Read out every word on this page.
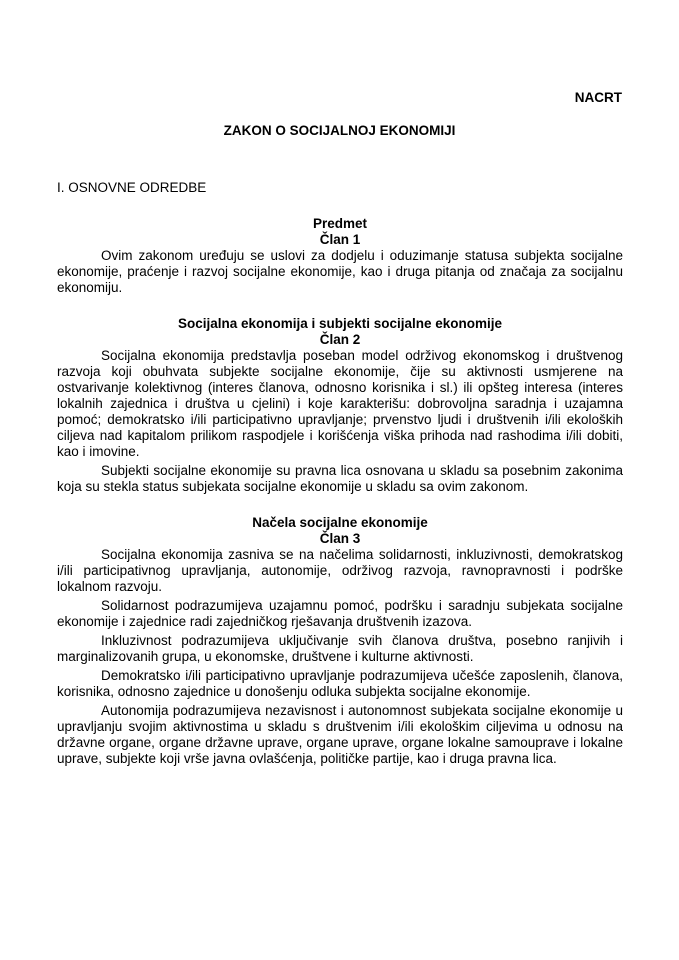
NACRT
ZAKON O SOCIJALNOJ EKONOMIJI
I. OSNOVNE ODREDBE
Predmet
Član 1

Ovim zakonom uređuju se uslovi za dodjelu i oduzimanje statusa subjekta socijalne ekonomije, praćenje i razvoj socijalne ekonomije, kao i druga pitanja od značaja za socijalnu ekonomiju.

Socijalna ekonomija i subjekti socijalne ekonomije
Član 2

Socijalna ekonomija predstavlja poseban model održivog ekonomskog i društvenog razvoja koji obuhvata subjekte socijalne ekonomije, čije su aktivnosti usmjerene na ostvarivanje kolektivnog (interes članova, odnosno korisnika i sl.) ili opšteg interesa (interes lokalnih zajednica i društva u cjelini) i koje karakterišu: dobrovoljna saradnja i uzajamna pomoć; demokratsko i/ili participativno upravljanje; prvenstvo ljudi i društvenih i/ili ekoloških ciljeva nad kapitalom prilikom raspodjele i korišćenja viška prihoda nad rashodima i/ili dobiti, kao i imovine.

Subjekti socijalne ekonomije su pravna lica osnovana u skladu sa posebnim zakonima koja su stekla status subjekata socijalne ekonomije u skladu sa ovim zakonom.

Načela socijalne ekonomije
Član 3

Socijalna ekonomija zasniva se na načelima solidarnosti, inkluzivnosti, demokratskog i/ili participativnog upravljanja, autonomije, održivog razvoja, ravnopravnosti i podrške lokalnom razvoju.

Solidarnost podrazumijeva uzajamnu pomoć, podršku i saradnju subjekata socijalne ekonomije i zajednice radi zajedničkog rješavanja društvenih izazova.

Inkluzivnost podrazumijeva uključivanje svih članova društva, posebno ranjivih i marginalizovanih grupa, u ekonomske, društvene i kulturne aktivnosti.

Demokratsko i/ili participativno upravljanje podrazumijeva učešće zaposlenih, članova, korisnika, odnosno zajednice u donošenju odluka subjekta socijalne ekonomije.

Autonomija podrazumijeva nezavisnost i autonomnost subjekata socijalne ekonomije u upravljanju svojim aktivnostima u skladu s društvenim i/ili ekološkim ciljevima u odnosu na državne organe, organe državne uprave, organe uprave, organe lokalne samouprave i lokalne uprave, subjekte koji vrše javna ovlašćenja, političke partije, kao i druga pravna lica.
